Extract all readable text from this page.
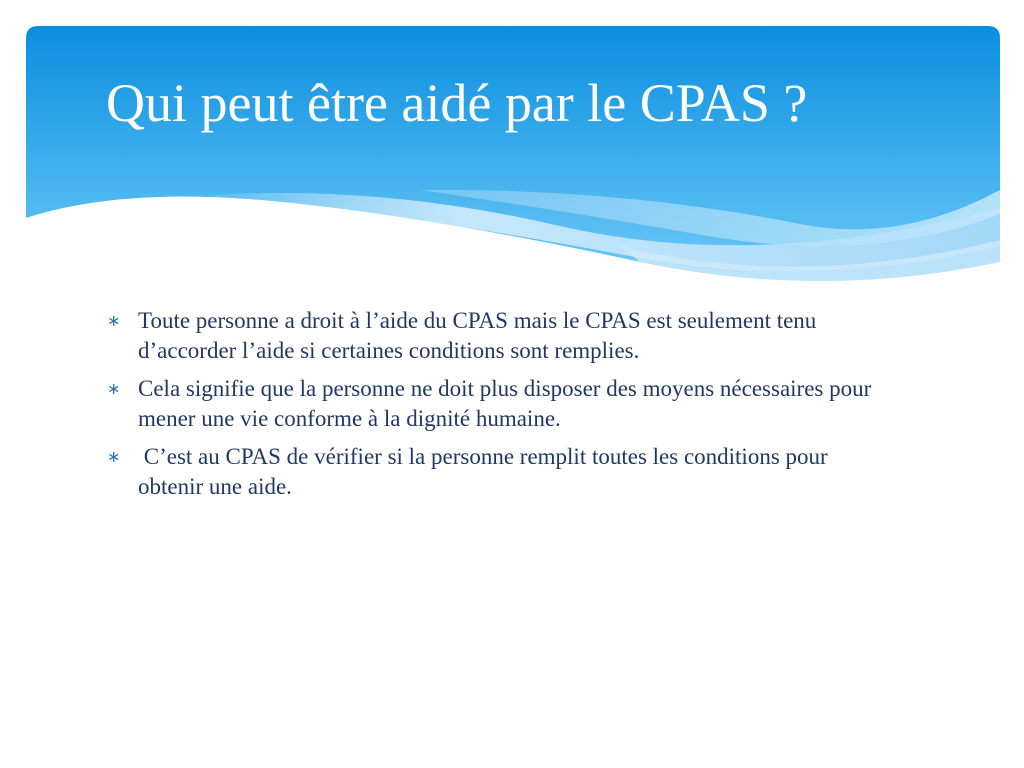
Qui peut être aidé par le CPAS ?
∗ Toute personne a droit à l’aide du CPAS mais le CPAS est seulement tenu d’accorder l’aide si certaines conditions sont remplies.
∗ Cela signifie que la personne ne doit plus disposer des moyens nécessaires pour mener une vie conforme à la dignité humaine.
∗ C’est au CPAS de vérifier si la personne remplit toutes les conditions pour obtenir une aide.
